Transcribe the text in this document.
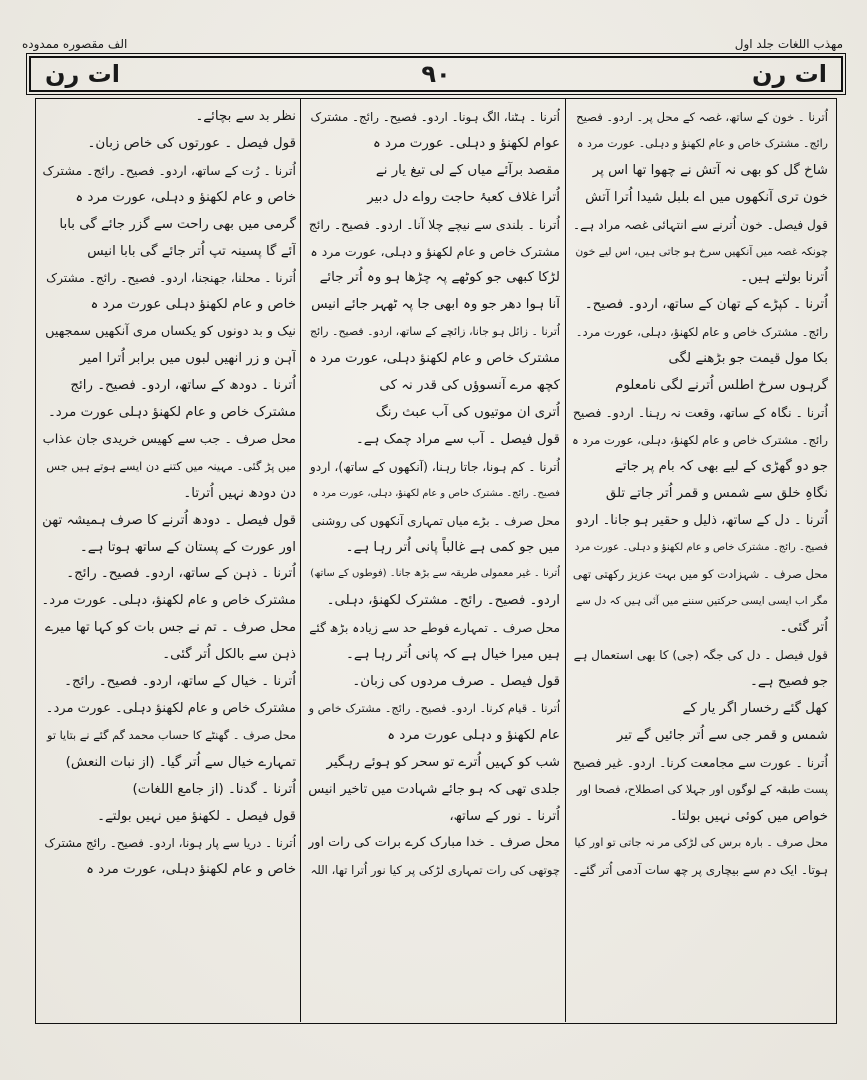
مهذب اللغات جلد اول
الف مقصوره ممدوده
ات رن
۹۰
ات رن

اُترنا ۔ خون کے ساتھ، غصہ کے محل پر۔ اردو۔ فصیح

رائج۔ مشترک خاص و عام لکھنؤ و دہلی۔ عورت مرد ہ

شاخ گل کو بھی نہ آتش نے چھوا تھا اس پر

خون تری آنکھوں میں اے بلبل شیدا اُترا آتش

قول فیصل۔ خون اُترنے سے انتہائی غصہ مراد ہے۔

چونکہ غصہ میں آنکھیں سرخ ہو جاتی ہیں، اس لیے خون

اُترنا بولتے ہیں۔

اُترنا ۔ کپڑے کے تھان کے ساتھ، اردو۔ فصیح۔

رائج۔ مشترک خاص و عام لکھنؤ، دہلی، عورت مرد۔

بکا مول قیمت جو بڑھنے لگی

گرہوں سرخ اطلس اُترنے لگی نامعلوم

اُترنا ۔ نگاہ کے ساتھ، وقعت نہ رہنا۔ اردو۔ فصیح

رائج۔ مشترک خاص و عام لکھنؤ، دہلی، عورت مرد ہ

جو دو گھڑی کے لیے بھی کہ بام پر جاتے

نگاہِ خلق سے شمس و قمر اُتر جاتے تلق

اُترنا ۔ دل کے ساتھ، ذلیل و حقیر ہو جانا۔ اردو

فصیح۔ رائج۔ مشترک خاص و عام لکھنؤ و دہلی۔ عورت مرد

محل صرف ۔ شہزادت کو میں بہت عزیز رکھتی تھی

مگر اب ایسی ایسی حرکتیں سننے میں آئی ہیں کہ دل سے

اُتر گئی۔

قول فیصل ۔ دل کی جگہ (جی) کا بھی استعمال ہے

جو فصیح ہے۔

کھل گئے رخسار اگر یار کے

شمس و قمر جی سے اُتر جائیں گے تیر

اُترنا ۔ عورت سے مجامعت کرنا۔ اردو۔ غیر فصیح

پست طبقہ کے لوگوں اور جہلا کی اصطلاح، فصحا اور

خواص میں کوئی نہیں بولتا۔

محل صرف ۔ بارہ برس کی لڑکی مر نہ جاتی تو اور کیا

ہوتا۔ ایک دم سے بیچاری پر چھ سات آدمی اُتر گئے۔

اُترنا ۔ ہٹنا، الگ ہونا۔ اردو۔ فصیح۔ رائج۔ مشترک

عوام لکھنؤ و دہلی۔ عورت مرد ہ

مقصد برآئے میاں کے لی تیغ یار نے

اُترا غلاف کعبۂ حاجت رواے دل دبیر

اُترنا ۔ بلندی سے نیچے چلا آنا۔ اردو۔ فصیح۔ رائج

مشترک خاص و عام لکھنؤ و دہلی، عورت مرد ہ

لڑکا کبھی جو کوٹھے پہ چڑھا ہو وہ اُتر جائے

آنا ہوا دھر جو وہ ابھی جا پہ ٹھہر جائے انیس

اُترنا ۔ زائل ہو جانا، زائچے کے ساتھ، اردو۔ فصیح۔ رائج

مشترک خاص و عام لکھنؤ دہلی، عورت مرد ہ

کچھ مرے آنسوؤں کی قدر نہ کی

اُتری ان موتیوں کی آب عبث رنگ

قول فیصل ۔ آب سے مراد چمک ہے۔

اُترنا ۔ کم ہونا، جاتا رہنا، (آنکھوں کے ساتھ)، اردو

فصیح۔ رائج۔ مشترک خاص و عام لکھنؤ، دہلی، عورت مرد ہ

محل صرف ۔ بڑے میاں تمہاری آنکھوں کی روشنی

میں جو کمی ہے غالباً پانی اُتر رہا ہے۔

اُترنا ۔ غیر معمولی طریقہ سے بڑھ جانا۔ (فوطوں کے ساتھ)

اردو۔ فصیح۔ رائج۔ مشترک لکھنؤ، دہلی۔

محل صرف ۔ تمہارے فوطے حد سے زیادہ بڑھ گئے

ہیں میرا خیال ہے کہ پانی اُتر رہا ہے۔

قول فیصل ۔ صرف مردوں کی زبان۔

اُترنا ۔ قیام کرنا۔ اردو۔ فصیح۔ رائج۔ مشترک خاص و

عام لکھنؤ و دہلی عورت مرد ہ

شب کو کہیں اُترے تو سحر کو ہوئے رہگیر

جلدی تھی کہ ہو جائے شہادت میں تاخیر انیس

اُترنا ۔ نور کے ساتھ،

محل صرف ۔ خدا مبارک کرے برات کی رات اور

چوتھی کی رات تمہاری لڑکی پر کیا نور اُترا تھا، اللہ

نظر بد سے بچائے۔

قول فیصل ۔ عورتوں کی خاص زبان۔

اُترنا ۔ رُت کے ساتھ، اردو۔ فصیح۔ رائج۔ مشترک

خاص و عام لکھنؤ و دہلی، عورت مرد ہ

گرمی میں بھی راحت سے گزر جائے گی بابا

آئے گا پسینہ تپ اُتر جائے گی بابا انیس

اُترنا ۔ محلنا، جھنجنا، اردو۔ فصیح۔ رائج۔ مشترک

خاص و عام لکھنؤ دہلی عورت مرد ہ

نیک و بد دونوں کو یکساں مری آنکھیں سمجھیں

آہن و زر انھیں لبوں میں برابر اُترا امیر

اُترنا ۔ دودھ کے ساتھ، اردو۔ فصیح۔ رائج

مشترک خاص و عام لکھنؤ دہلی عورت مرد۔

محل صرف ۔ جب سے کھیس خریدی جان عذاب

میں پڑ گئی۔ مہینہ میں کتنے دن ایسے ہوتے ہیں جس

دن دودھ نہیں اُترتا۔

قول فیصل ۔ دودھ اُترنے کا صرف ہمیشہ تھن

اور عورت کے پستان کے ساتھ ہوتا ہے۔

اُترنا ۔ ذہن کے ساتھ، اردو۔ فصیح۔ رائج۔

مشترک خاص و عام لکھنؤ، دہلی۔ عورت مرد۔

محل صرف ۔ تم نے جس بات کو کہا تھا میرے

ذہن سے بالکل اُتر گئی۔

اُترنا ۔ خیال کے ساتھ، اردو۔ فصیح۔ رائج۔

مشترک خاص و عام لکھنؤ دہلی۔ عورت مرد۔

محل صرف ۔ گھنٹے کا حساب محمد گم گئے نے بتایا تو

تمہارے خیال سے اُتر گیا۔ (از نبات النعش)

اُترنا ۔ گدنا۔ (از جامع اللغات)

قول فیصل ۔ لکھنؤ میں نہیں بولتے۔

اُترنا ۔ دریا سے پار ہونا، اردو۔ فصیح۔ رائج مشترک

خاص و عام لکھنؤ دہلی، عورت مرد ہ
